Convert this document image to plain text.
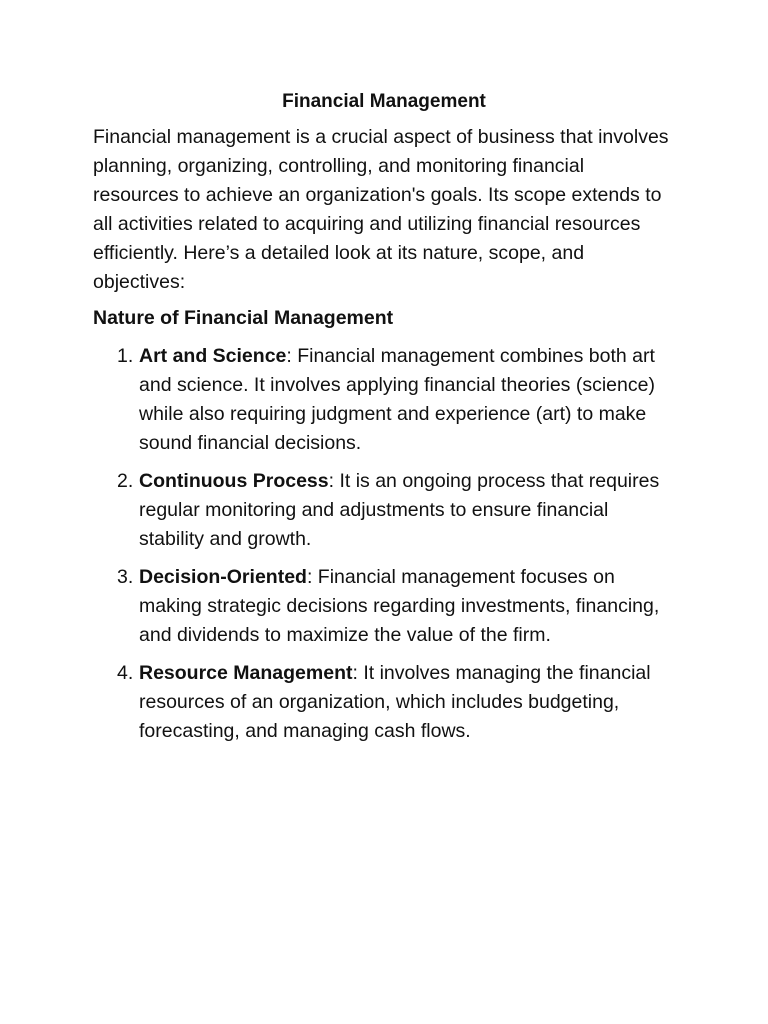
Financial Management

Financial management is a crucial aspect of business that involves planning, organizing, controlling, and monitoring financial resources to achieve an organization's goals. Its scope extends to all activities related to acquiring and utilizing financial resources efficiently. Here’s a detailed look at its nature, scope, and objectives:

Nature of Financial Management
1. Art and Science: Financial management combines both art and science. It involves applying financial theories (science) while also requiring judgment and experience (art) to make sound financial decisions.
2. Continuous Process: It is an ongoing process that requires regular monitoring and adjustments to ensure financial stability and growth.
3. Decision-Oriented: Financial management focuses on making strategic decisions regarding investments, financing, and dividends to maximize the value of the firm.
4. Resource Management: It involves managing the financial resources of an organization, which includes budgeting, forecasting, and managing cash flows.
